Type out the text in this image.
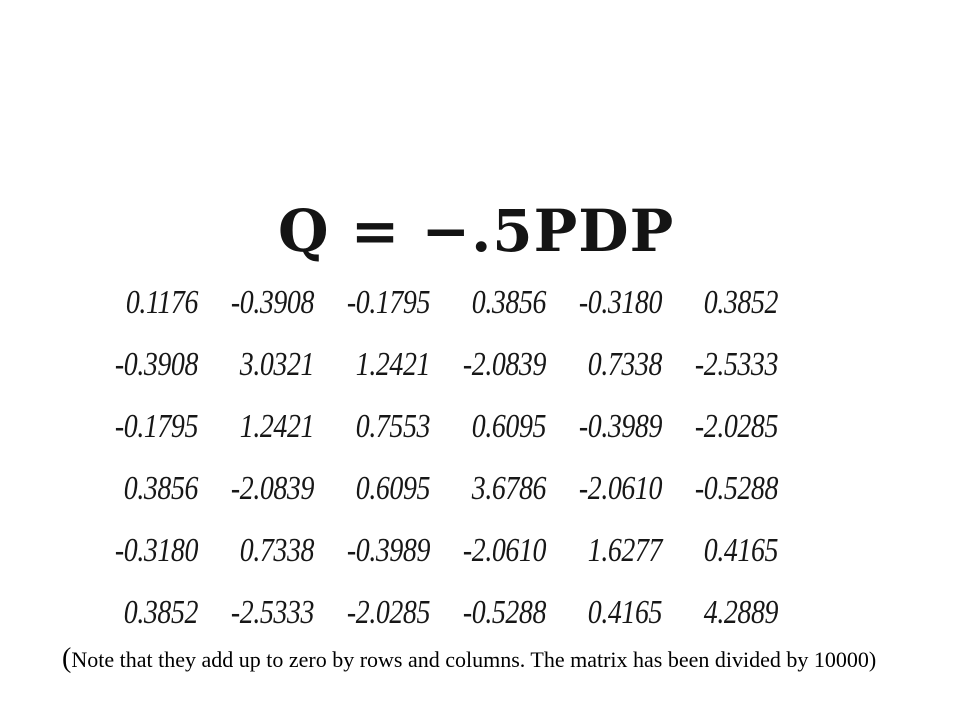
Q = −.5PDP
0.1176	-0.3908	-0.1795	0.3856	-0.3180	0.3852
-0.3908	3.0321	1.2421	-2.0839	0.7338	-2.5333
-0.1795	1.2421	0.7553	0.6095	-0.3989	-2.0285
0.3856	-2.0839	0.6095	3.6786	-2.0610	-0.5288
-0.3180	0.7338	-0.3989	-2.0610	1.6277	0.4165
0.3852	-2.5333	-2.0285	-0.5288	0.4165	4.2889
(Note that they add up to zero by rows and columns. The matrix has been divided by 10000)
